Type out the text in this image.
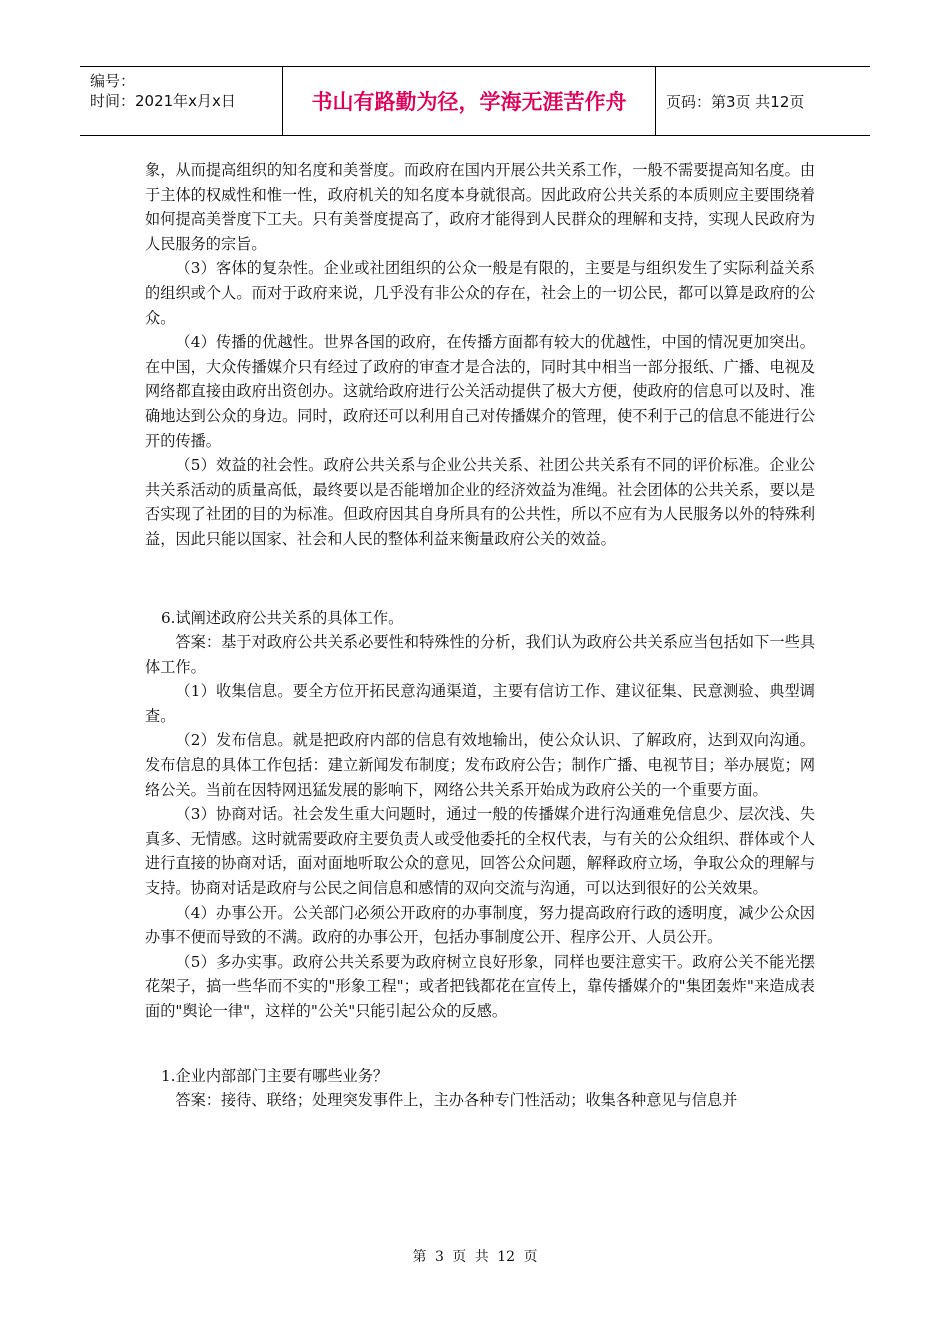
编号：
时间：2021年x月x日	书山有路勤为径，学海无涯苦作舟	页码：第3页 共12页

象，从而提高组织的知名度和美誉度。而政府在国内开展公共关系工作，一般不需要提高知名度。由于主体的权威性和惟一性，政府机关的知名度本身就很高。因此政府公共关系的本质则应主要围绕着如何提高美誉度下工夫。只有美誉度提高了，政府才能得到人民群众的理解和支持，实现人民政府为人民服务的宗旨。

（3）客体的复杂性。企业或社团组织的公众一般是有限的，主要是与组织发生了实际利益关系的组织或个人。而对于政府来说，几乎没有非公众的存在，社会上的一切公民，都可以算是政府的公众。

（4）传播的优越性。世界各国的政府，在传播方面都有较大的优越性，中国的情况更加突出。在中国，大众传播媒介只有经过了政府的审查才是合法的，同时其中相当一部分报纸、广播、电视及网络都直接由政府出资创办。这就给政府进行公关活动提供了极大方便，使政府的信息可以及时、准确地达到公众的身边。同时，政府还可以利用自己对传播媒介的管理，使不利于己的信息不能进行公开的传播。

（5）效益的社会性。政府公共关系与企业公共关系、社团公共关系有不同的评价标准。企业公共关系活动的质量高低，最终要以是否能增加企业的经济效益为准绳。社会团体的公共关系，要以是否实现了社团的目的为标准。但政府因其自身所具有的公共性，所以不应有为人民服务以外的特殊利益，因此只能以国家、社会和人民的整体利益来衡量政府公关的效益。

6.试阐述政府公共关系的具体工作。

答案：基于对政府公共关系必要性和特殊性的分析，我们认为政府公共关系应当包括如下一些具体工作。

（1）收集信息。要全方位开拓民意沟通渠道，主要有信访工作、建议征集、民意测验、典型调查。

（2）发布信息。就是把政府内部的信息有效地输出，使公众认识、了解政府，达到双向沟通。发布信息的具体工作包括：建立新闻发布制度；发布政府公告；制作广播、电视节目；举办展览；网络公关。当前在因特网迅猛发展的影响下，网络公共关系开始成为政府公关的一个重要方面。

（3）协商对话。社会发生重大问题时，通过一般的传播媒介进行沟通难免信息少、层次浅、失真多、无情感。这时就需要政府主要负责人或受他委托的全权代表，与有关的公众组织、群体或个人进行直接的协商对话，面对面地听取公众的意见，回答公众问题，解释政府立场，争取公众的理解与支持。协商对话是政府与公民之间信息和感情的双向交流与沟通，可以达到很好的公关效果。

（4）办事公开。公关部门必须公开政府的办事制度，努力提高政府行政的透明度，减少公众因办事不便而导致的不满。政府的办事公开，包括办事制度公开、程序公开、人员公开。

（5）多办实事。政府公共关系要为政府树立良好形象，同样也要注意实干。政府公关不能光摆花架子，搞一些华而不实的"形象工程"；或者把钱都花在宣传上，靠传播媒介的"集团轰炸"来造成表面的"舆论一律"，这样的"公关"只能引起公众的反感。

1.企业内部部门主要有哪些业务？

答案：接待、联络；处理突发事件上，主办各种专门性活动；收集各种意见与信息并

第 3 页 共 12 页
